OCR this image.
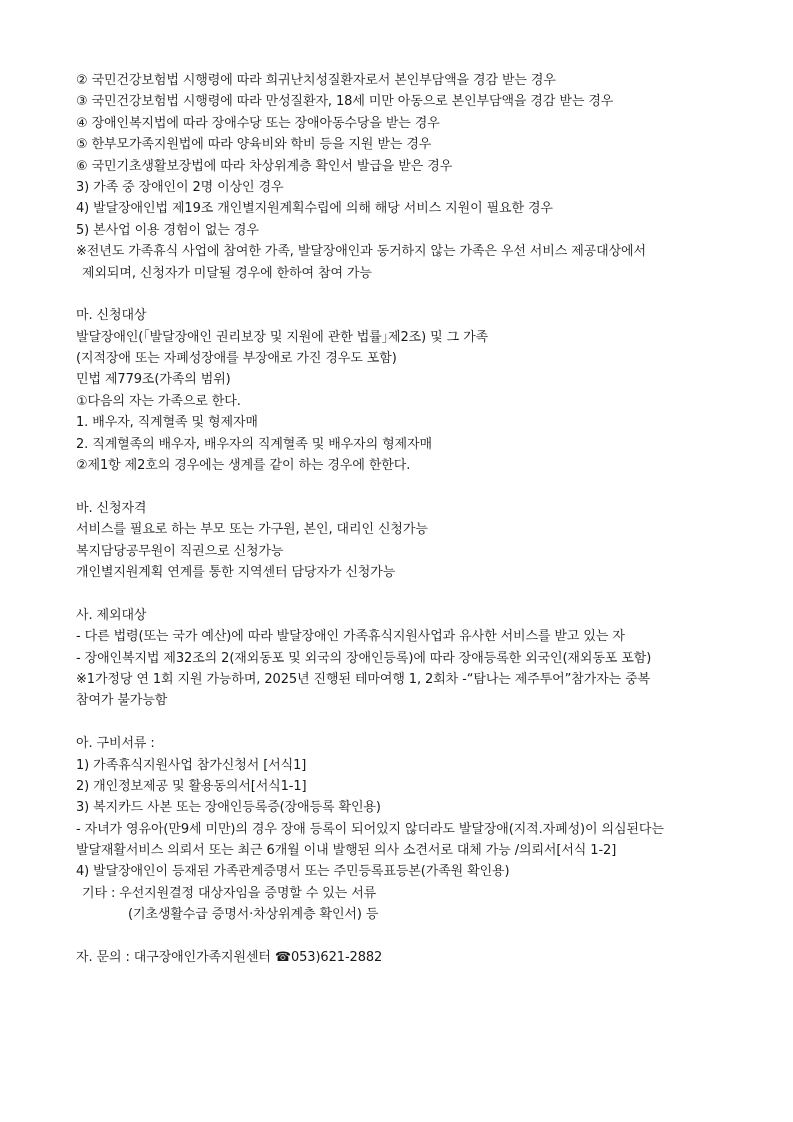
② 국민건강보험법 시행령에 따라 희귀난치성질환자로서 본인부담액을 경감 받는 경우
③ 국민건강보험법 시행령에 따라 만성질환자, 18세 미만 아동으로 본인부담액을 경감 받는 경우
④ 장애인복지법에 따라 장애수당 또는 장애아동수당을 받는 경우
⑤ 한부모가족지원법에 따라 양육비와 학비 등을 지원 받는 경우
⑥ 국민기초생활보장법에 따라 차상위계층 확인서 발급을 받은 경우
3) 가족 중 장애인이 2명 이상인 경우
4) 발달장애인법 제19조 개인별지원계획수립에 의해 해당 서비스 지원이 필요한 경우
5) 본사업 이용 경험이 없는 경우
※전년도 가족휴식 사업에 참여한 가족, 발달장애인과 동거하지 않는 가족은 우선 서비스 제공대상에서
제외되며, 신청자가 미달될 경우에 한하여 참여 가능
마. 신청대상
발달장애인(｢발달장애인 권리보장 및 지원에 관한 법률｣제2조) 및 그 가족
(지적장애 또는 자폐성장애를 부장애로 가진 경우도 포함)
민법 제779조(가족의 범위)
①다음의 자는 가족으로 한다.
1. 배우자, 직계혈족 및 형제자매
2. 직계혈족의 배우자, 배우자의 직계혈족 및 배우자의 형제자매
②제1항 제2호의 경우에는 생계를 같이 하는 경우에 한한다.
바. 신청자격
서비스를 필요로 하는 부모 또는 가구원, 본인, 대리인 신청가능
복지담당공무원이 직권으로 신청가능
개인별지원계획 연계를 통한 지역센터 담당자가 신청가능
사. 제외대상
- 다른 법령(또는 국가 예산)에 따라 발달장애인 가족휴식지원사업과 유사한 서비스를 받고 있는 자
- 장애인복지법 제32조의 2(재외동포 및 외국의 장애인등록)에 따라 장애등록한 외국인(재외동포 포함)
※1가정당 연 1회 지원 가능하며, 2025년 진행된 테마여행 1, 2회차 -“탐나는 제주투어”참가자는 중복
참여가 불가능함
아. 구비서류 :
1) 가족휴식지원사업 참가신청서 [서식1]
2) 개인정보제공 및 활용동의서[서식1-1]
3) 복지카드 사본 또는 장애인등록증(장애등록 확인용)
- 자녀가 영유아(만9세 미만)의 경우 장애 등록이 되어있지 않더라도 발달장애(지적.자폐성)이 의심된다는
발달재활서비스 의뢰서 또는 최근 6개월 이내 발행된 의사 소견서로 대체 가능 /의뢰서[서식 1-2]
4) 발달장애인이 등재된 가족관계증명서 또는 주민등록표등본(가족원 확인용)
기타 : 우선지원결정 대상자임을 증명할 수 있는 서류
(기초생활수급 증명서·차상위계층 확인서) 등
자. 문의 : 대구장애인가족지원센터 ☎053)621-2882
